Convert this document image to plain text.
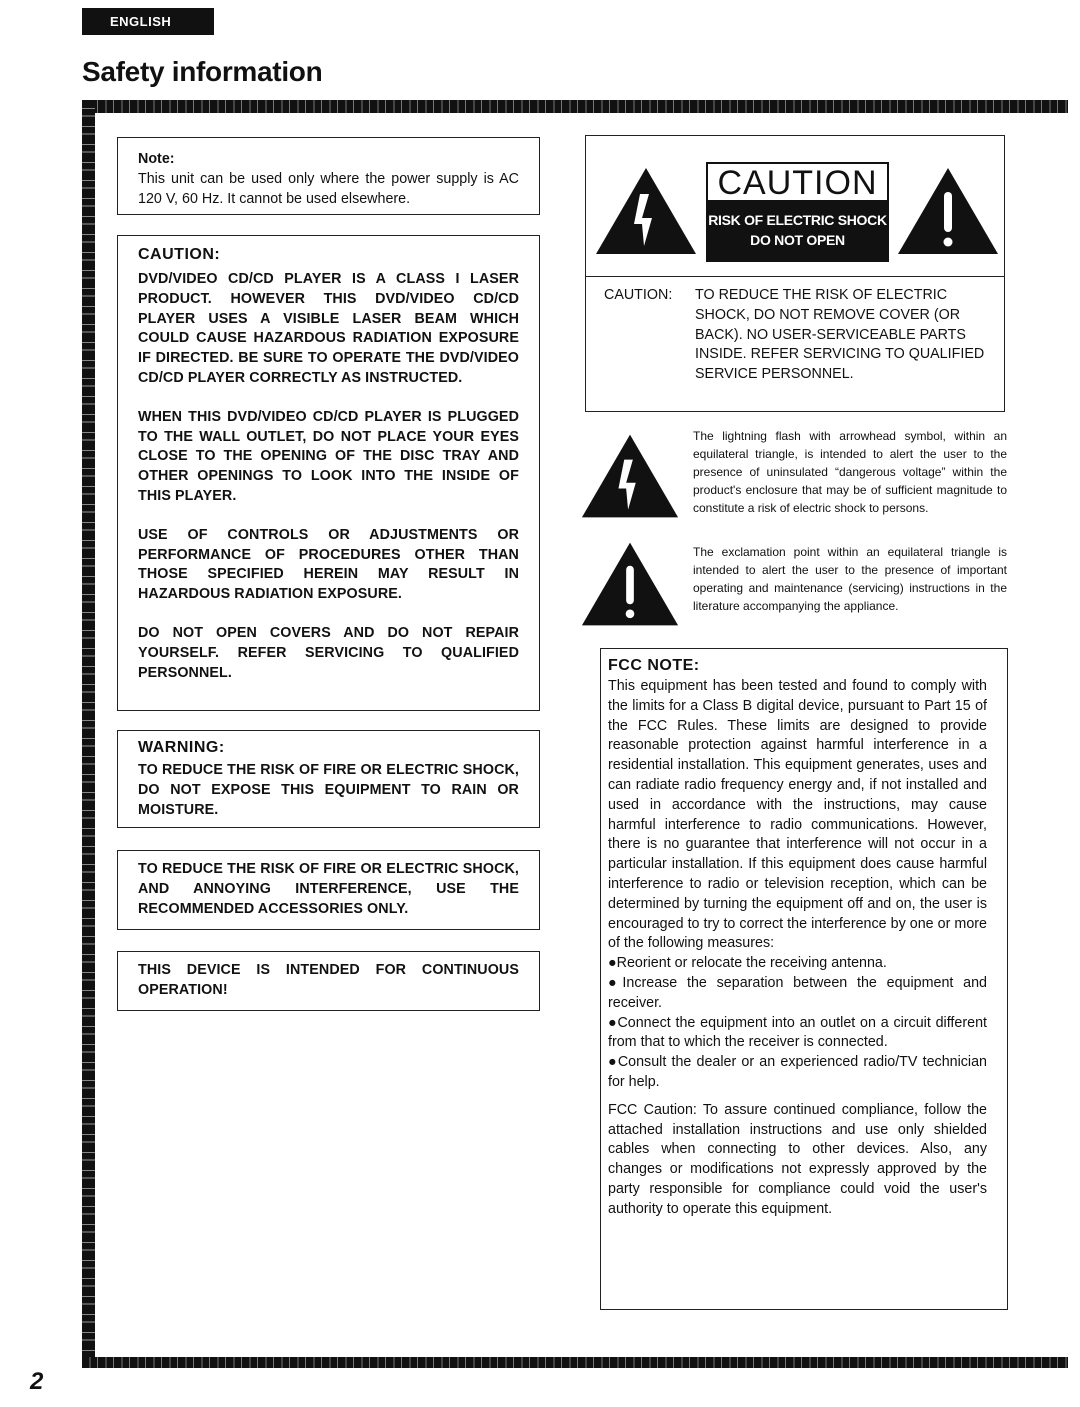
ENGLISH
Safety information
2
Note:
This unit can be used only where the power supply is AC 120 V, 60 Hz. It cannot be used elsewhere.
CAUTION:

DVD/VIDEO CD/CD PLAYER IS A CLASS I LASER PRODUCT. HOWEVER THIS DVD/VIDEO CD/CD PLAYER USES A VISIBLE LASER BEAM WHICH COULD CAUSE HAZARDOUS RADIATION EXPOSURE IF DIRECTED. BE SURE TO OPERATE THE DVD/VIDEO CD/CD PLAYER CORRECTLY AS INSTRUCTED.

WHEN THIS DVD/VIDEO CD/CD PLAYER IS PLUGGED TO THE WALL OUTLET, DO NOT PLACE YOUR EYES CLOSE TO THE OPENING OF THE DISC TRAY AND OTHER OPENINGS TO LOOK INTO THE INSIDE OF THIS PLAYER.

USE OF CONTROLS OR ADJUSTMENTS OR PERFORMANCE OF PROCEDURES OTHER THAN THOSE SPECIFIED HEREIN MAY RESULT IN HAZARDOUS RADIATION EXPOSURE.

DO NOT OPEN COVERS AND DO NOT REPAIR YOURSELF. REFER SERVICING TO QUALIFIED PERSONNEL.

WARNING:
TO REDUCE THE RISK OF FIRE OR ELECTRIC SHOCK, DO NOT EXPOSE THIS EQUIPMENT TO RAIN OR MOISTURE.
TO REDUCE THE RISK OF FIRE OR ELECTRIC SHOCK, AND ANNOYING INTERFERENCE, USE THE RECOMMENDED ACCESSORIES ONLY.
THIS DEVICE IS INTENDED FOR CONTINUOUS OPERATION!
CAUTION
RISK OF ELECTRIC SHOCK
DO NOT OPEN
CAUTION:	TO REDUCE THE RISK OF ELECTRIC SHOCK, DO NOT REMOVE COVER (OR BACK). NO USER-SERVICEABLE PARTS INSIDE. REFER SERVICING TO QUALIFIED SERVICE PERSONNEL.
The lightning flash with arrowhead symbol, within an equilateral triangle, is intended to alert the user to the presence of uninsulated “dangerous voltage” within the product's enclosure that may be of sufficient magnitude to constitute a risk of electric shock to persons.
The exclamation point within an equilateral triangle is intended to alert the user to the presence of important operating and maintenance (servicing) instructions in the literature accompanying the appliance.
FCC NOTE:
This equipment has been tested and found to comply with the limits for a Class B digital device, pursuant to Part 15 of the FCC Rules. These limits are designed to provide reasonable protection against harmful interference in a residential installation. This equipment generates, uses and can radiate radio frequency energy and, if not installed and used in accordance with the instructions, may cause harmful interference to radio communications. However, there is no guarantee that interference will not occur in a particular installation. If this equipment does cause harmful interference to radio or television reception, which can be determined by turning the equipment off and on, the user is encouraged to try to correct the interference by one or more of the following measures:
●Reorient or relocate the receiving antenna.
●Increase the separation between the equipment and receiver.
●Connect the equipment into an outlet on a circuit different from that to which the receiver is connected.
●Consult the dealer or an experienced radio/TV technician for help.
FCC Caution: To assure continued compliance, follow the attached installation instructions and use only shielded cables when connecting to other devices. Also, any changes or modifications not expressly approved by the party responsible for compliance could void the user's authority to operate this equipment.
